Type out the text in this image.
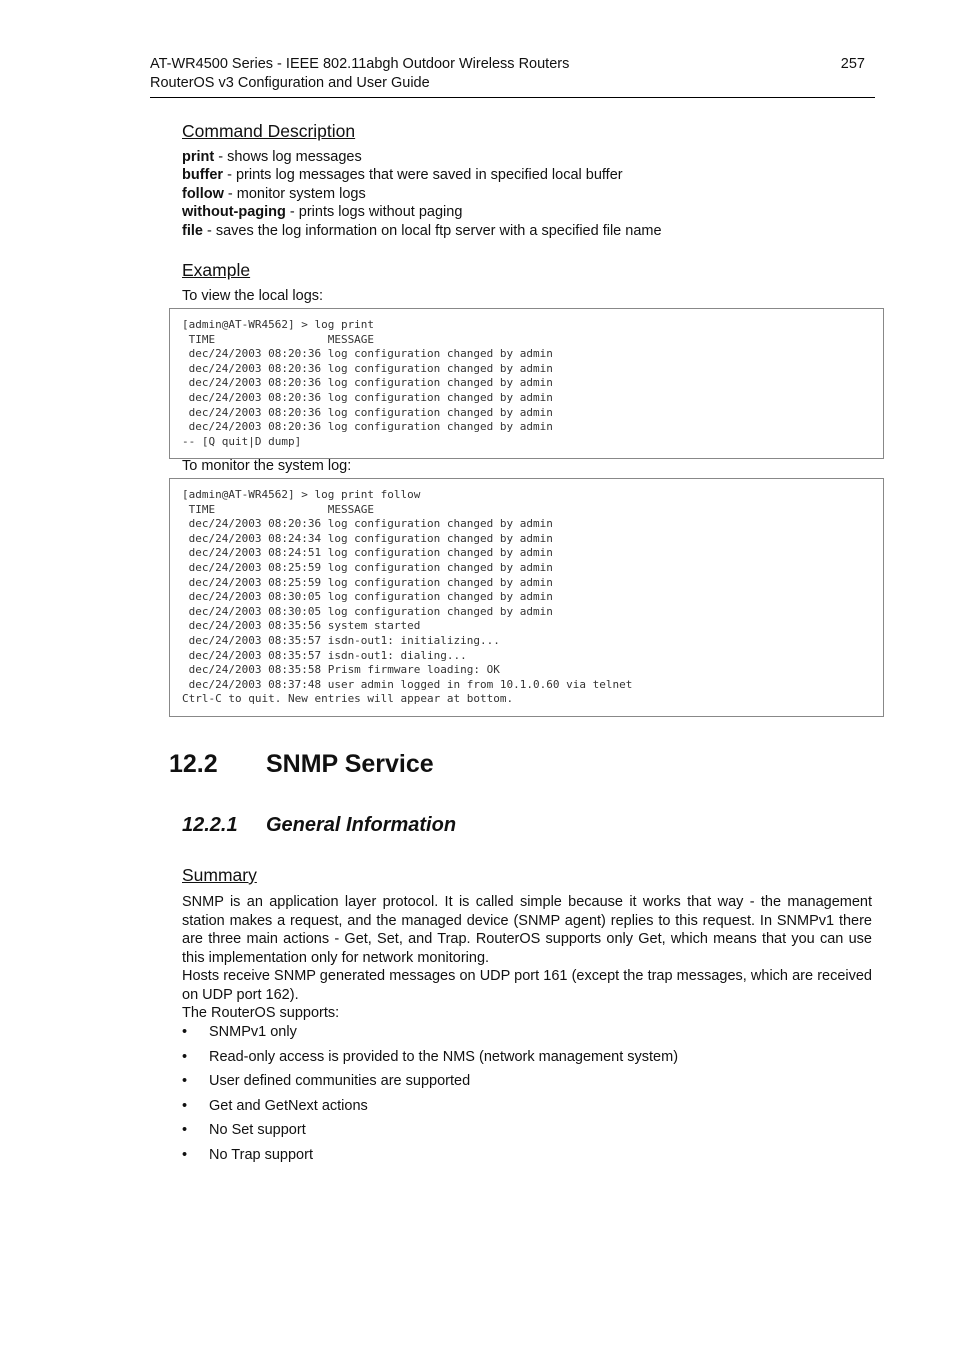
AT-WR4500 Series - IEEE 802.11abgh Outdoor Wireless Routers
RouterOS v3 Configuration and User Guide
257
Command Description
print - shows log messages
buffer - prints log messages that were saved in specified local buffer
follow - monitor system logs
without-paging - prints logs without paging
file - saves the log information on local ftp server with a specified file name
Example
To view the local logs:
[admin@AT-WR4562] > log print
TIME                 MESSAGE
dec/24/2003 08:20:36 log configuration changed by admin
dec/24/2003 08:20:36 log configuration changed by admin
dec/24/2003 08:20:36 log configuration changed by admin
dec/24/2003 08:20:36 log configuration changed by admin
dec/24/2003 08:20:36 log configuration changed by admin
dec/24/2003 08:20:36 log configuration changed by admin
-- [Q quit|D dump]
To monitor the system log:
[admin@AT-WR4562] > log print follow
TIME                 MESSAGE
dec/24/2003 08:20:36 log configuration changed by admin
dec/24/2003 08:24:34 log configuration changed by admin
dec/24/2003 08:24:51 log configuration changed by admin
dec/24/2003 08:25:59 log configuration changed by admin
dec/24/2003 08:25:59 log configuration changed by admin
dec/24/2003 08:30:05 log configuration changed by admin
dec/24/2003 08:30:05 log configuration changed by admin
dec/24/2003 08:35:56 system started
dec/24/2003 08:35:57 isdn-out1: initializing...
dec/24/2003 08:35:57 isdn-out1: dialing...
dec/24/2003 08:35:58 Prism firmware loading: OK
dec/24/2003 08:37:48 user admin logged in from 10.1.0.60 via telnet
Ctrl-C to quit. New entries will appear at bottom.
12.2 SNMP Service
12.2.1 General Information
Summary
SNMP is an application layer protocol. It is called simple because it works that way - the management station makes a request, and the managed device (SNMP agent) replies to this request. In SNMPv1 there are three main actions - Get, Set, and Trap. RouterOS supports only Get, which means that you can use this implementation only for network monitoring.
Hosts receive SNMP generated messages on UDP port 161 (except the trap messages, which are received on UDP port 162).
The RouterOS supports:
• SNMPv1 only
• Read-only access is provided to the NMS (network management system)
• User defined communities are supported
• Get and GetNext actions
• No Set support
• No Trap support
